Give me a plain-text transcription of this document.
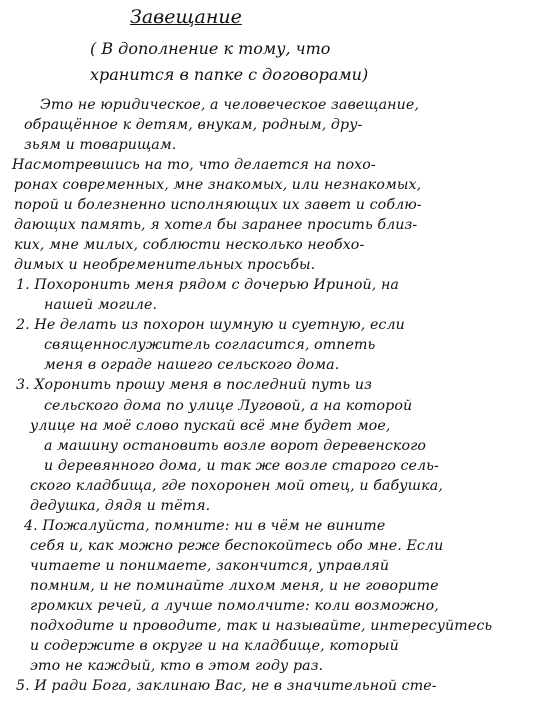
Завещание
( В дополнение к тому, что
хранится в папке с договорами)
Это не юридическое, а человеческое завещание,
обращённое к детям, внукам, родным, дру-
зьям и товарищам.
Насмотревшись на то, что делается на похо-
ронах современных, мне знакомых, или незнакомых,
порой и болезненно исполняющих их завет и соблю-
дающих память, я хотел бы заранее просить близ-
ких, мне милых, соблюсти несколько необхо-
димых и необременительных просьбы.
1. Похоронить меня рядом с дочерью Ириной, на
нашей могиле.
2. Не делать из похорон шумную и суетную, если
священнослужитель согласится, отпеть
меня в ограде нашего сельского дома.
3. Хоронить прошу меня в последний путь из
сельского дома по улице Луговой, а на которой
улице на моё слово пускай всё мне будет мое,
а машину остановить возле ворот деревенского
и деревянного дома, и так же возле старого сель-
ского кладбища, где похоронен мой отец, и бабушка,
дедушка, дядя и тётя.
4. Пожалуйста, помните: ни в чём не вините
себя и, как можно реже беспокойтесь обо мне. Если
читаете и понимаете, закончится, управляй
помним, и не поминайте лихом меня, и не говорите
громких речей, а лучше помолчите: коли возможно,
подходите и проводите, так и называйте, интересуйтесь
и содержите в округе и на кладбище, который
это не каждый, кто в этом году раз.
5. И ради Бога, заклинаю Вас, не в значительной сте-
